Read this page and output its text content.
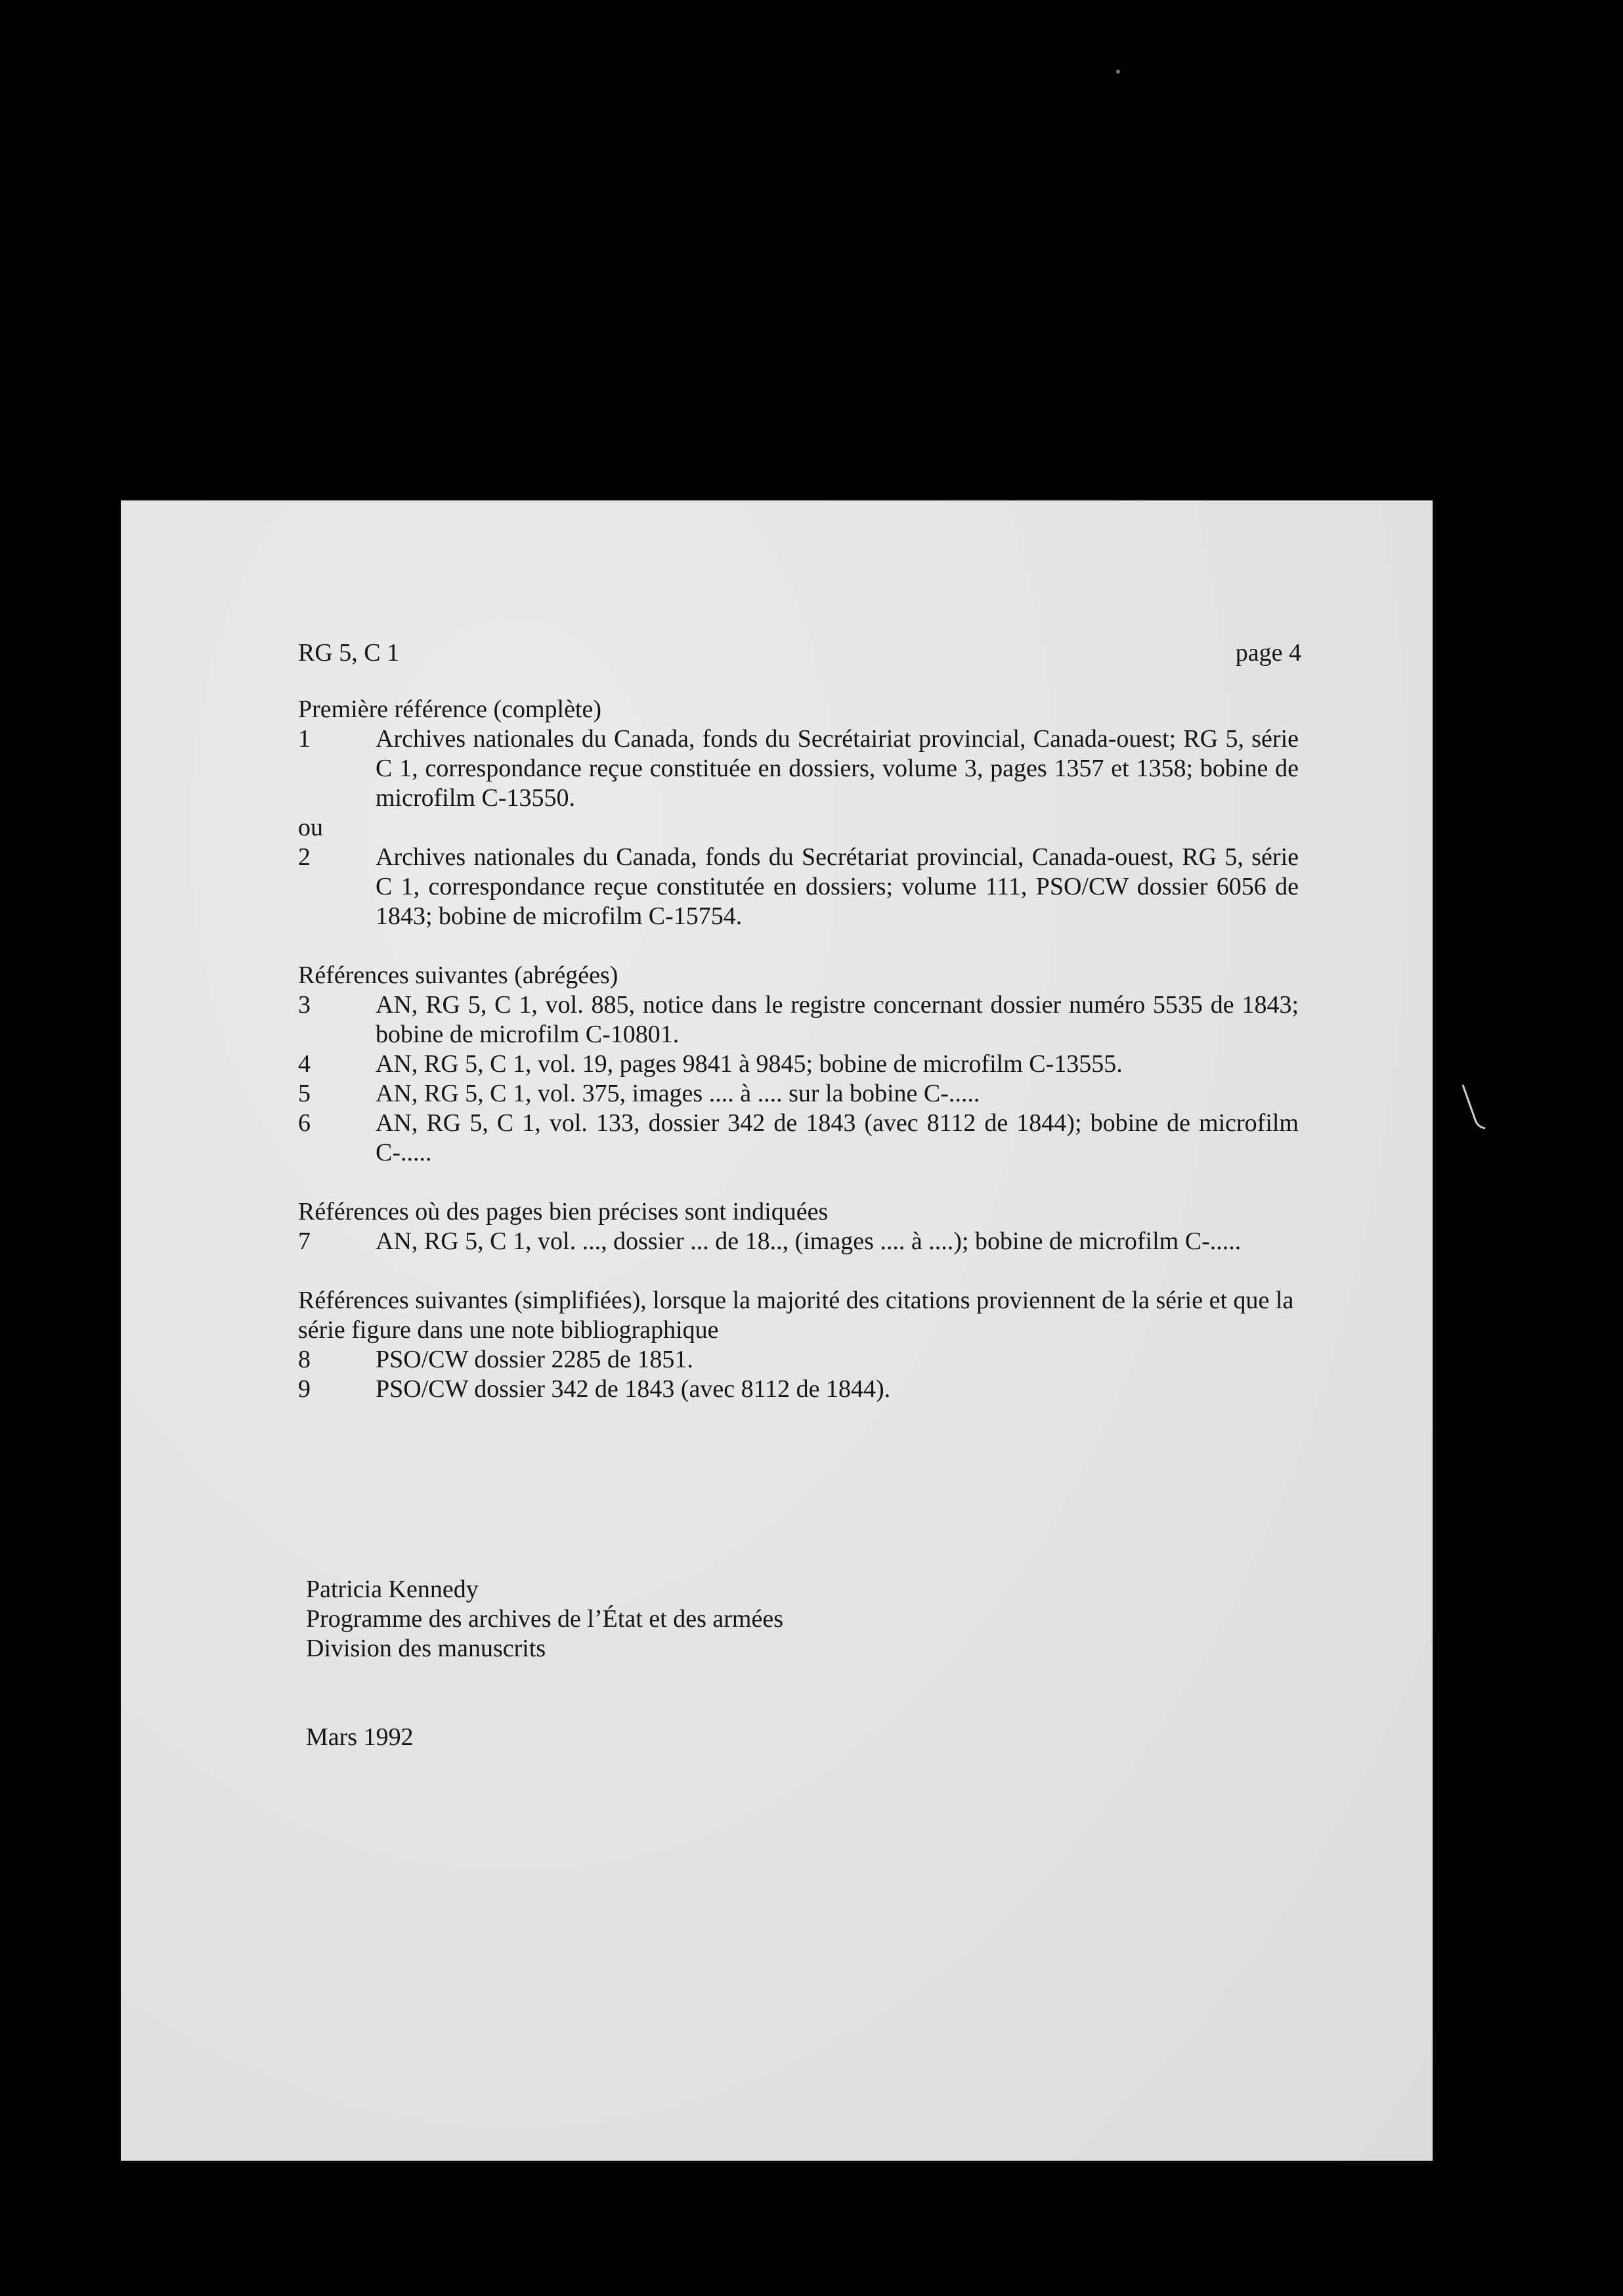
RG 5, C 1	page 4
Première référence (complète)
1	Archives nationales du Canada, fonds du Secrétairiat provincial, Canada-ouest; RG 5, série C 1, correspondance reçue constituée en dossiers, volume 3, pages 1357 et 1358; bobine de microfilm C-13550.
ou
2	Archives nationales du Canada, fonds du Secrétariat provincial, Canada-ouest, RG 5, série C 1, correspondance reçue constitutée en dossiers; volume 111, PSO/CW dossier 6056 de 1843; bobine de microfilm C-15754.
Références suivantes (abrégées)
3	AN, RG 5, C 1, vol. 885, notice dans le registre concernant dossier numéro 5535 de 1843; bobine de microfilm C-10801.
4	AN, RG 5, C 1, vol. 19, pages 9841 à 9845; bobine de microfilm C-13555.
5	AN, RG 5, C 1, vol. 375, images .... à .... sur la bobine C-.....
6	AN, RG 5, C 1, vol. 133, dossier 342 de 1843 (avec 8112 de 1844); bobine de microfilm C-.....
Références où des pages bien précises sont indiquées
7	AN, RG 5, C 1, vol. ..., dossier ... de 18.., (images .... à ....); bobine de microfilm C-.....
Références suivantes (simplifiées), lorsque la majorité des citations proviennent de la série et que la série figure dans une note bibliographique
8	PSO/CW dossier 2285 de 1851.
9	PSO/CW dossier 342 de 1843 (avec 8112 de 1844).
Patricia Kennedy
Programme des archives de l’État et des armées
Division des manuscrits
Mars 1992
